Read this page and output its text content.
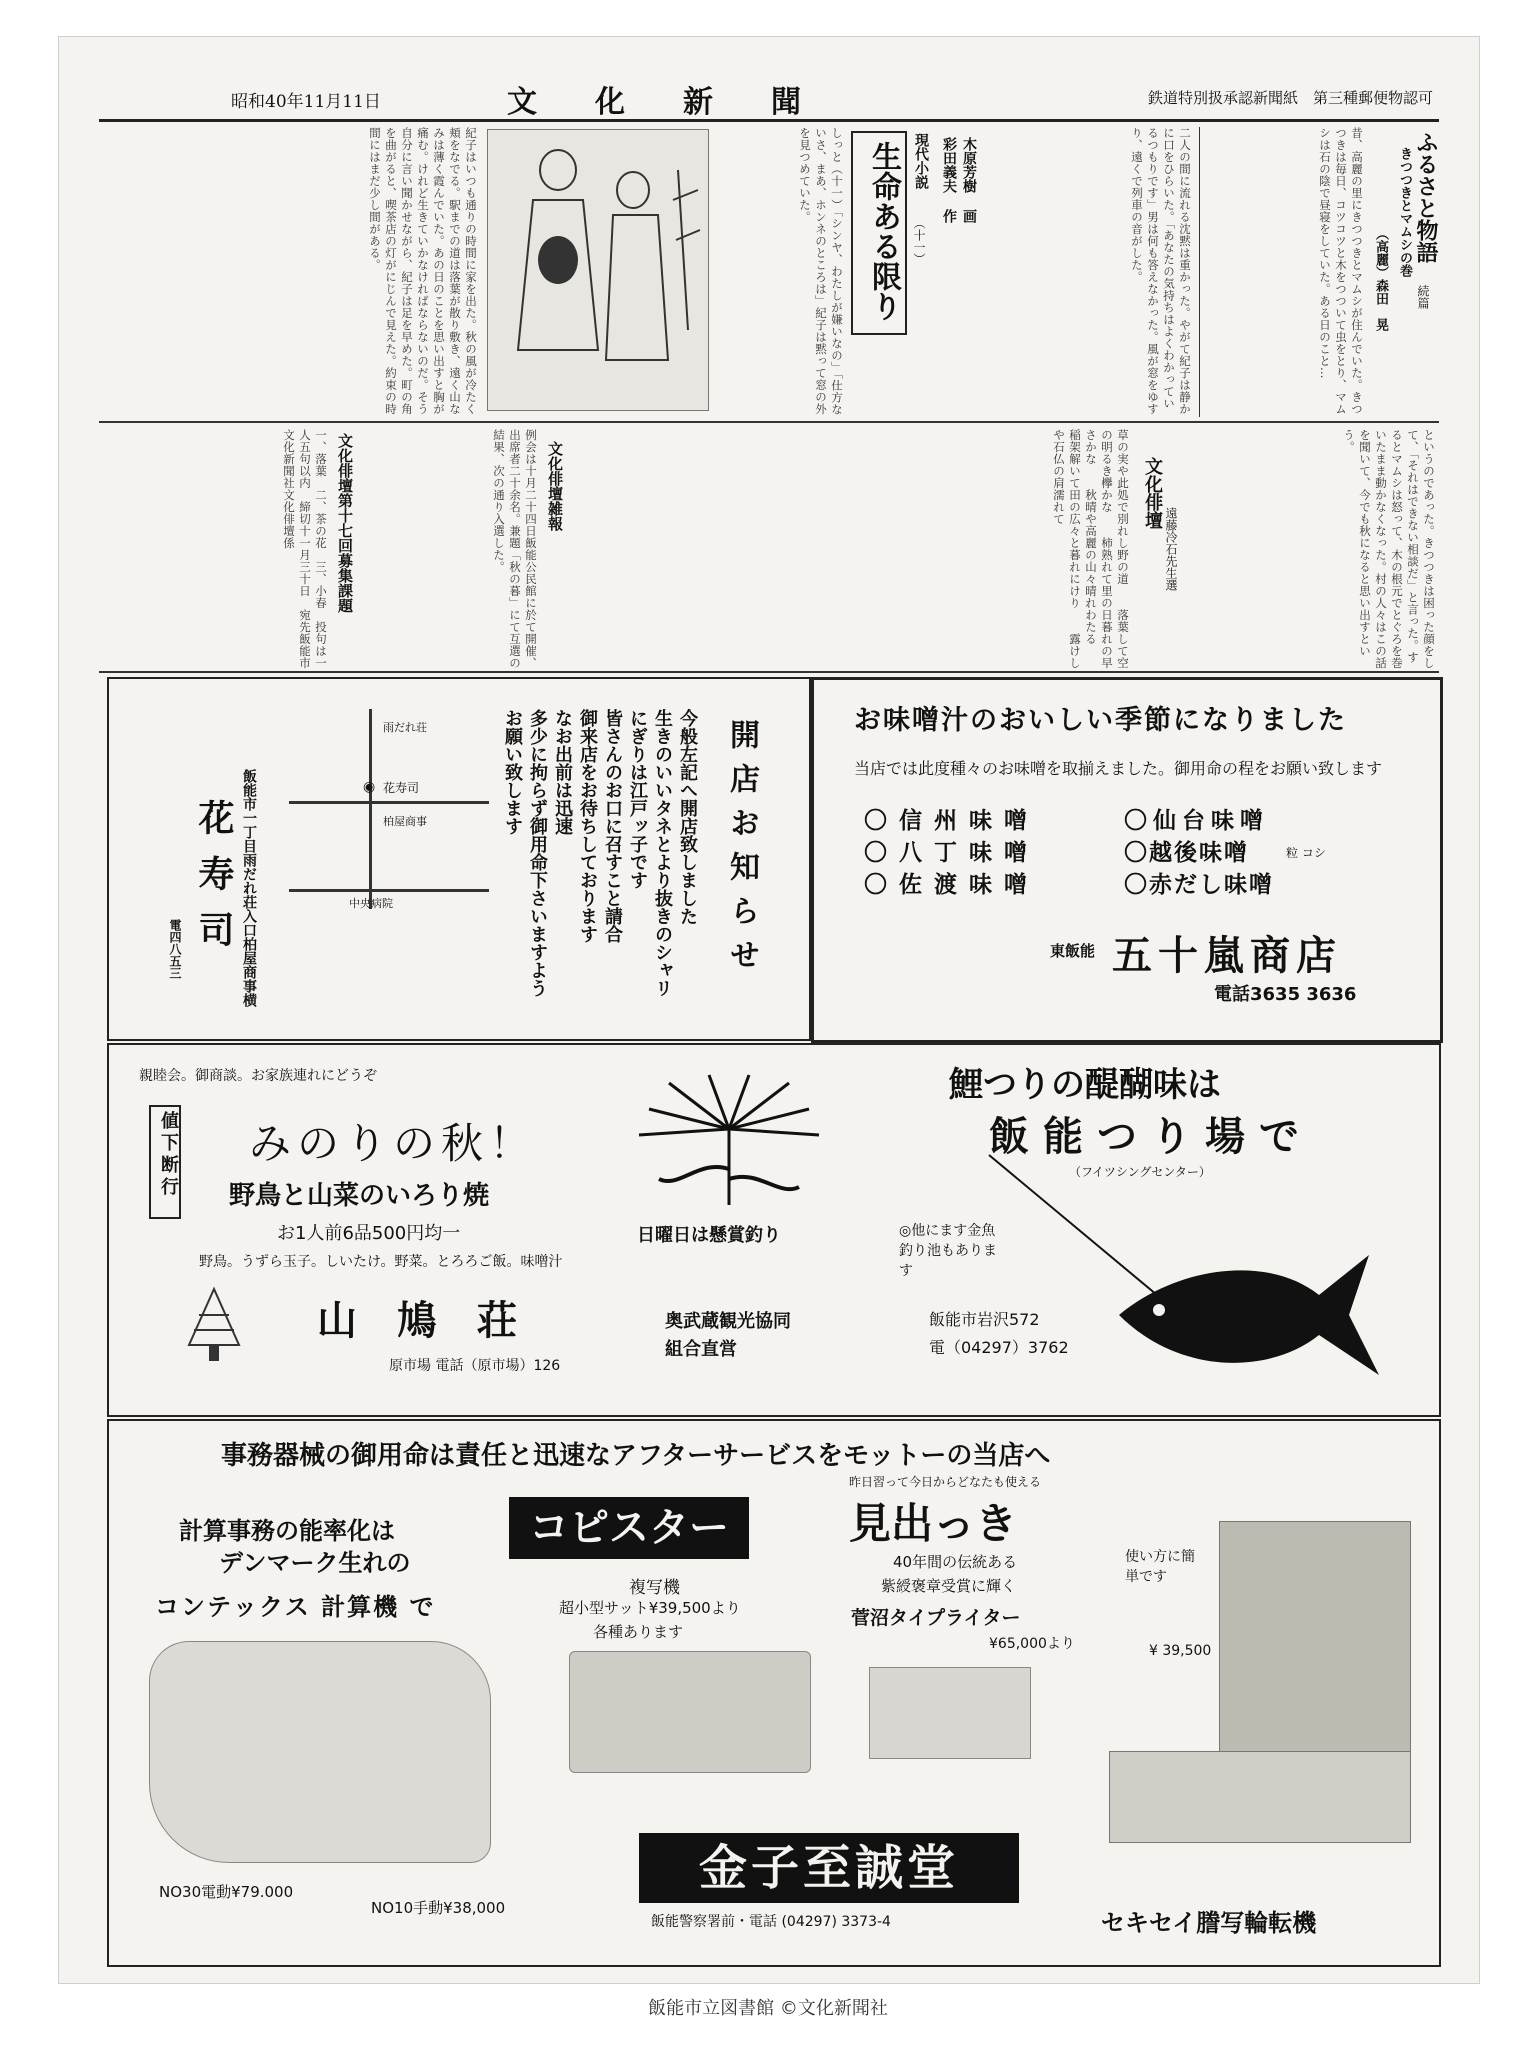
昭和40年11月11日	文化新聞	鉄道特別扱承認新聞紙　第三種郵便物認可
紀子はいつも通りの時間に家を出た。秋の風が冷たく頬をなでる。駅までの道は落葉が散り敷き、遠く山なみは薄く霞んでいた。あの日のことを思い出すと胸が痛む。けれど生きていかなければならないのだ。そう自分に言い聞かせながら、紀子は足を早めた。町の角を曲がると、喫茶店の灯がにじんで見えた。約束の時間にはまだ少し間がある。	しっと（十一）「シンヤ、わたしが嫌いなの」「仕方ないさ、まあ、ホンネのところは」紀子は黙って窓の外を見つめていた。	生命ある限り 現代小説
（十一）
彩田義夫 作 木原芳樹 画	二人の間に流れる沈黙は重かった。やがて紀子は静かに口をひらいた。「あなたの気持ちはよくわかっているつもりです」男は何も答えなかった。風が窓をゆすり、遠くで列車の音がした。	昔、高麗の里にきつつきとマムシが住んでいた。きつつきは毎日、コツコツと木をつついて虫をとり、マムシは石の陰で昼寝をしていた。ある日のこと…	（高麗）森田　晃
きつつきとマムシの巻 ふるさと物語
続篇
一、落葉　二、茶の花　三、小春　投句は一人五句以内　締切十一月三十日　宛先飯能市文化新聞社文化俳壇係	文化俳壇第十七回募集課題	例会は十月二十四日飯能公民館に於て開催、出席者二十余名。兼題「秋の暮」にて互選の結果、次の通り入選した。	文化俳壇雑報	草の実や此処で別れし野の道　　落葉して空の明るき欅かな　　柿熟れて里の日暮れの早さかな　　秋晴や高麗の山々晴れわたる　　稲架解いて田の広々と暮れにけり　　露けしや石仏の肩濡れて	文化俳壇
遠藤冷石先生選	というのであった。きつつきは困った顔をして、「それはできない相談だ」と言った。するとマムシは怒って、木の根元でとぐろを巻いたまま動かなくなった。村の人々はこの話を聞いて、今でも秋になると思い出すという。
開店お知らせ
今般左記へ開店致しました
生きのいいタネとより抜きのシャリ
にぎりは江戸ッ子です
皆さんのお口に召すこと請合
御来店をお待ちしております
なお出前は迅速
多少に拘らず御用命下さいますよう
お願い致します
雨だれ荘
◉ 花寿司
柏屋商事
中央病院
飯能市一丁目雨だれ荘入口柏屋商事横
花寿司
電四八五三
お味噌汁のおいしい季節になりました
当店では此度種々のお味噌を取揃えました。御用命の程をお願い致します
〇信州味噌	〇仙台味噌
〇八丁味噌	〇越後味噌	粒 コシ
〇佐渡味噌	〇赤だし味噌
東飯能 五十嵐商店
電話3635 3636
親睦会。御商談。お家族連れにどうぞ
値下断行 みのりの秋！
野鳥と山菜のいろり焼
お1人前6品500円均一
野鳥。うずら玉子。しいたけ。野菜。とろろご飯。味噌汁
山鳩荘
原市場 電話（原市場）126
日曜日は懸賞釣り
奥武蔵観光協同
組合直営
鯉つりの醍醐味は
飯能つり場で
（フイツシングセンター）
◎他にます金魚釣り池もあります
飯能市岩沢572
電（04297）3762
事務器械の御用命は責任と迅速なアフターサービスをモットーの当店へ
計算事務の能率化は
デンマーク生れの
コンテックス 計算機 で
NO30電動¥79.000
NO10手動¥38,000
コピスター
複写機
超小型サット¥39,500より
各種あります
昨日習って今日からどなたも使える
見出っき
40年間の伝統ある
紫綬褒章受賞に輝く
菅沼タイプライター
¥65,000より
使い方に簡単です
¥ 39,500
セキセイ謄写輪転機
金子至誠堂
飯能警察署前・電話 (04297) 3373-4
飯能市立図書館 ©文化新聞社
